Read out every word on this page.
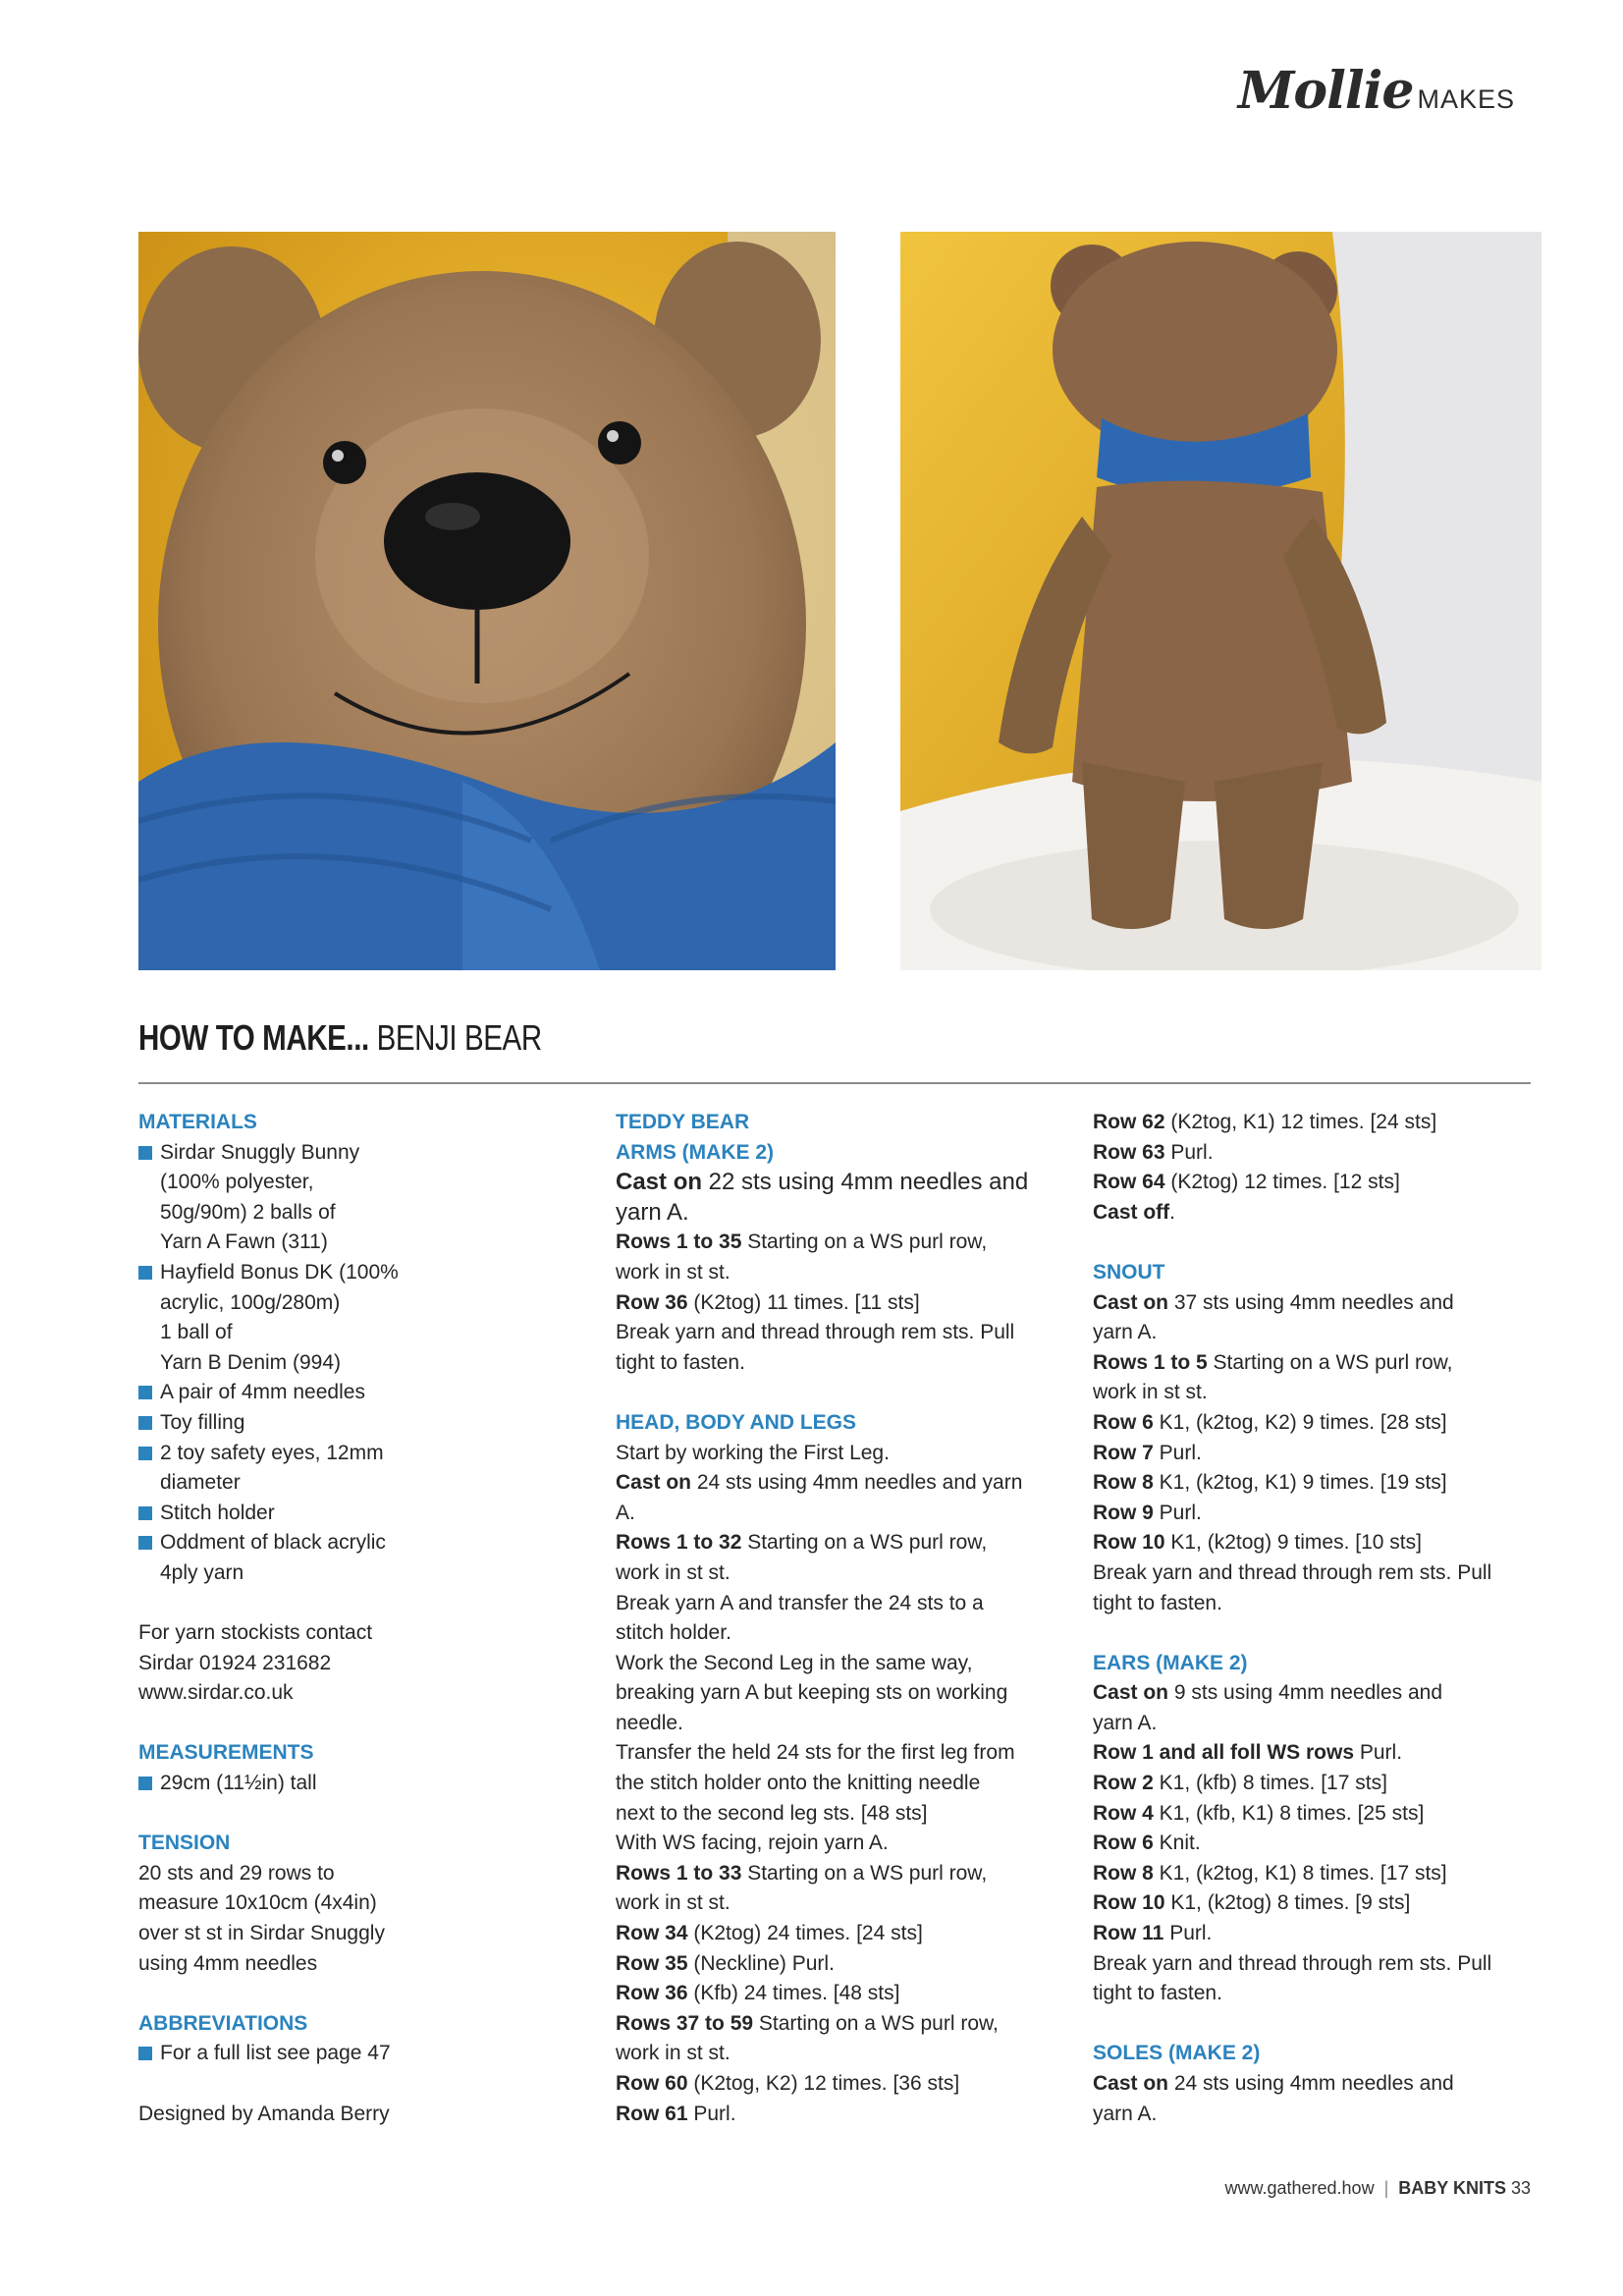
Mollie MAKES
HOW TO MAKE... BENJI BEAR
MATERIALS
Sirdar Snuggly Bunny
(100% polyester,
50g/90m) 2 balls of
Yarn A Fawn (311)
Hayfield Bonus DK (100%
acrylic, 100g/280m)
1 ball of
Yarn B Denim (994)
A pair of 4mm needles
Toy filling
2 toy safety eyes, 12mm
diameter
Stitch holder
Oddment of black acrylic
4ply yarn
For yarn stockists contact
Sirdar 01924 231682
www.sirdar.co.uk
MEASUREMENTS
29cm (11½in) tall
TENSION
20 sts and 29 rows to
measure 10x10cm (4x4in)
over st st in Sirdar Snuggly
using 4mm needles
ABBREVIATIONS
For a full list see page 47
Designed by Amanda Berry
TEDDY BEAR
ARMS (MAKE 2)
Cast on 22 sts using 4mm needles and
yarn A.
Rows 1 to 35 Starting on a WS purl row,
work in st st.
Row 36 (K2tog) 11 times. [11 sts]
Break yarn and thread through rem sts. Pull
tight to fasten.
HEAD, BODY AND LEGS
Start by working the First Leg.
Cast on 24 sts using 4mm needles and yarn
A.
Rows 1 to 32 Starting on a WS purl row,
work in st st.
Break yarn A and transfer the 24 sts to a
stitch holder.
Work the Second Leg in the same way,
breaking yarn A but keeping sts on working
needle.
Transfer the held 24 sts for the first leg from
the stitch holder onto the knitting needle
next to the second leg sts. [48 sts]
With WS facing, rejoin yarn A.
Rows 1 to 33 Starting on a WS purl row,
work in st st.
Row 34 (K2tog) 24 times. [24 sts]
Row 35 (Neckline) Purl.
Row 36 (Kfb) 24 times. [48 sts]
Rows 37 to 59 Starting on a WS purl row,
work in st st.
Row 60 (K2tog, K2) 12 times. [36 sts]
Row 61 Purl.
Row 62 (K2tog, K1) 12 times. [24 sts]
Row 63 Purl.
Row 64 (K2tog) 12 times. [12 sts]
Cast off.
SNOUT
Cast on 37 sts using 4mm needles and
yarn A.
Rows 1 to 5 Starting on a WS purl row,
work in st st.
Row 6 K1, (k2tog, K2) 9 times. [28 sts]
Row 7 Purl.
Row 8 K1, (k2tog, K1) 9 times. [19 sts]
Row 9 Purl.
Row 10 K1, (k2tog) 9 times. [10 sts]
Break yarn and thread through rem sts. Pull
tight to fasten.
EARS (MAKE 2)
Cast on 9 sts using 4mm needles and
yarn A.
Row 1 and all foll WS rows Purl.
Row 2 K1, (kfb) 8 times. [17 sts]
Row 4 K1, (kfb, K1) 8 times. [25 sts]
Row 6 Knit.
Row 8 K1, (k2tog, K1) 8 times. [17 sts]
Row 10 K1, (k2tog) 8 times. [9 sts]
Row 11 Purl.
Break yarn and thread through rem sts. Pull
tight to fasten.
SOLES (MAKE 2)
Cast on 24 sts using 4mm needles and
yarn A.
www.gathered.how | BABY KNITS 33
